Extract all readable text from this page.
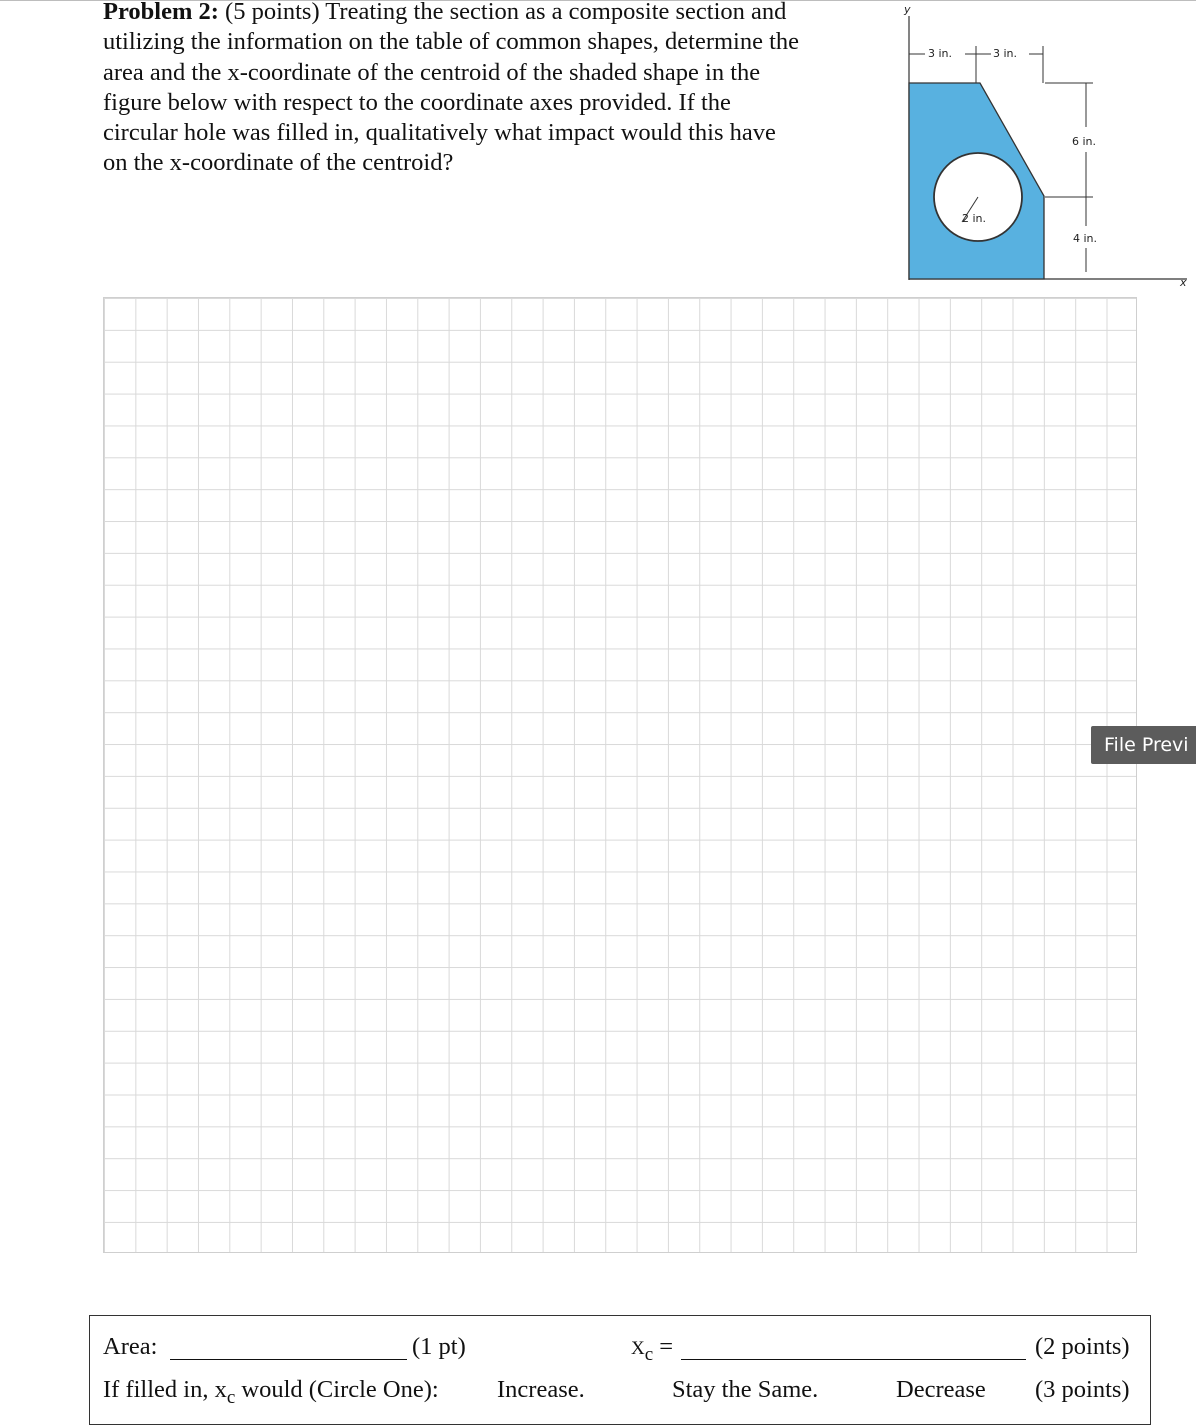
Problem 2: (5 points) Treating the section as a composite section and
utilizing the information on the table of common shapes, determine the
area and the x-coordinate of the centroid of the shaded shape in the
figure below with respect to the coordinate axes provided. If the
circular hole was filled in, qualitatively what impact would this have
on the x-coordinate of the centroid?

y
x
2 in.
3 in.	3 in.
6 in.
4 in.
File Previ
Area:	(1 pt)	$X_c$ =	(2 points)
If filled in, $x_c$ would (Circle One): Increase.	Stay the Same.	Decrease (3 points)
